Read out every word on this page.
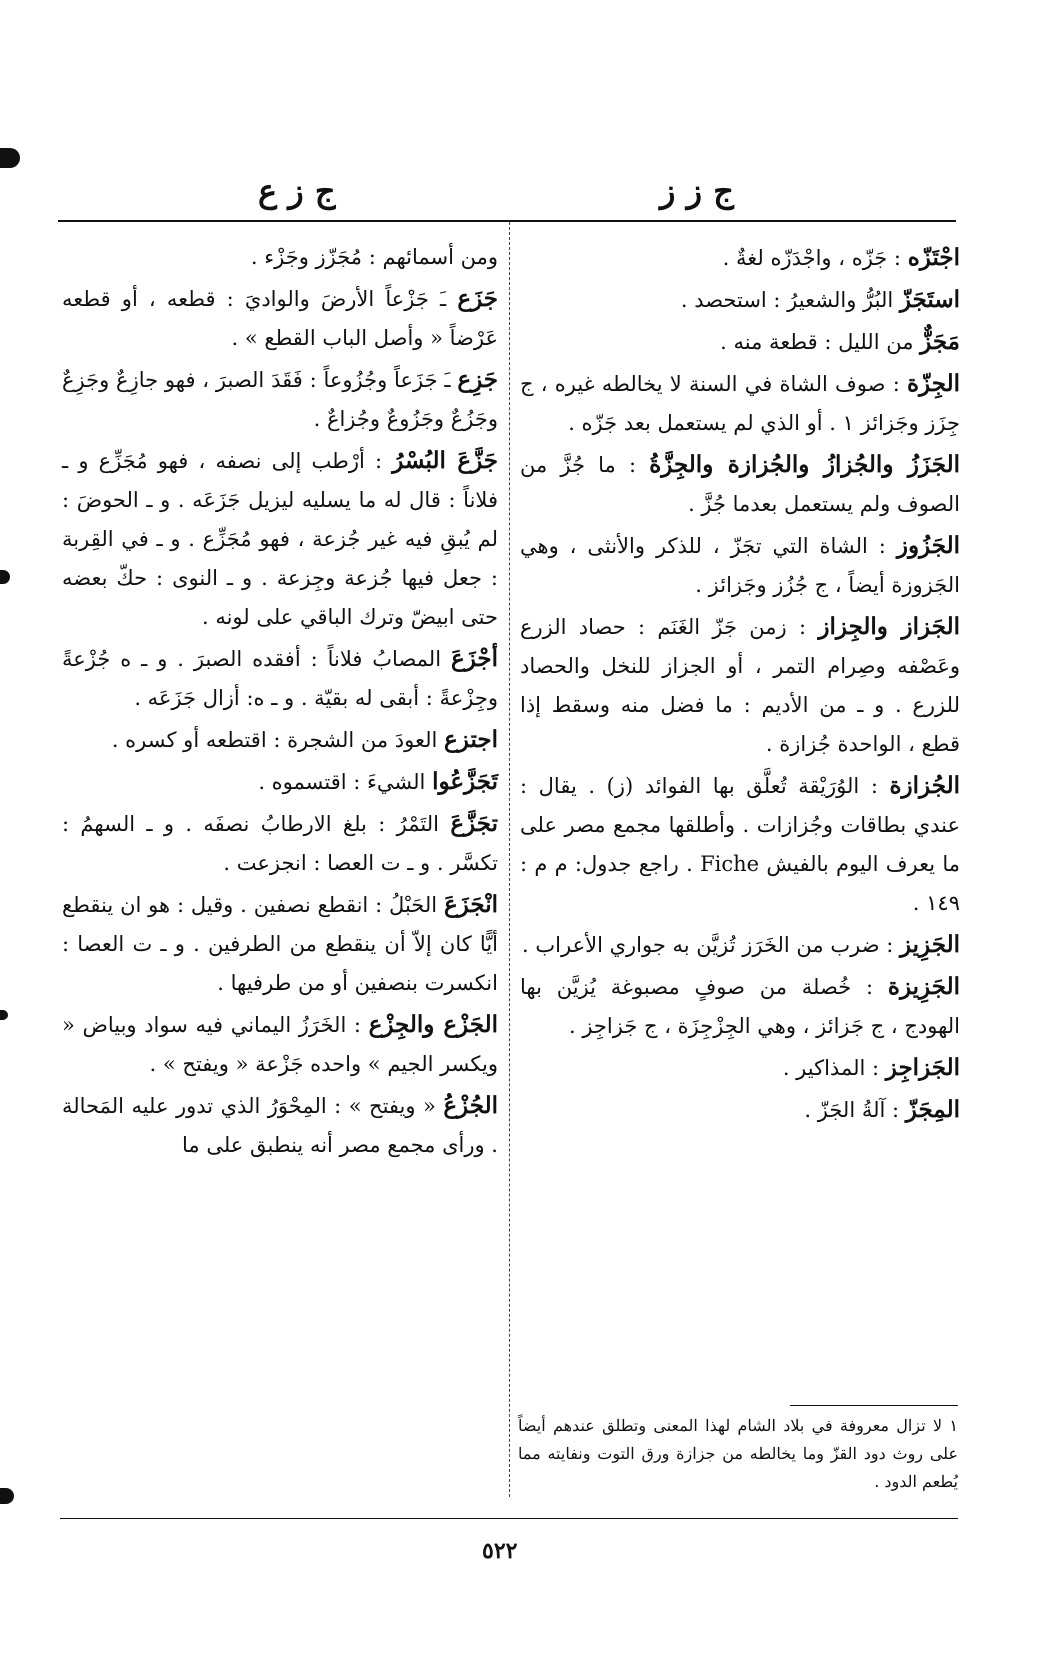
ج ز ز
ج ز ع

اجْتَزّه : جَزّه ، واجْدَزّه لغةٌ .

استَجَزّ البُرُّ والشعيرُ : استحصد .

مَجَزٌّ من الليل : قطعة منه .

الجِزّة : صوف الشاة في السنة لا يخالطه غيره ، ج جِزَز وجَزائز ١ . أو الذي لم يستعمل بعد جَزّه .

الجَزَزُ والجُزازُ والجُزازة والجِزَّةُ : ما جُزَّ من الصوف ولم يستعمل بعدما جُزَّ .

الجَزُوز : الشاة التي تجَزّ ، للذكر والأنثى ، وهي الجَزوزة أيضاً ، ج جُزُز وجَزائز .

الجَزاز والجِزاز : زمن جَزّ الغَنَم : حصاد الزرع وعَصْفه وصِرام التمر ، أو الجزاز للنخل والحصاد للزرع . و ـ من الأديم : ما فضل منه وسقط إذا قطع ، الواحدة جُزازة .

الجُزازة : الوُرَيْقة تُعلَّق بها الفوائد (ز) . يقال : عندي بطاقات وجُزازات . وأطلقها مجمع مصر على ما يعرف اليوم بالفيش Fiche . راجع جدول: م م : ١٤٩ .

الجَزِيز : ضرب من الخَرَز تُزيَّن به جواري الأعراب .

الجَزِيزة : خُصلة من صوفٍ مصبوغة يُزيَّن بها الهودج ، ج جَزائز ، وهي الجِزْجِزَة ، ج جَزاجِز .

الجَزاجِز : المذاكير .

المِجَزّ : آلةُ الجَزّ .

ومن أسمائهم : مُجَزّز وجَزْء .

جَزَع ـَ جَزْعاً الأرضَ والواديَ : قطعه ، أو قطعه عَرْضاً « وأصل الباب القطع » .

جَزِع ـَ جَزَعاً وجُزُوعاً : فَقَدَ الصبرَ ، فهو جازِعٌ وجَزِعٌ وجَزُعٌ وجَزُوعٌ وجُزاعٌ .

جَزَّعَ البُسْرُ : أرْطب إلى نصفه ، فهو مُجَزِّع و ـ فلاناً : قال له ما يسليه ليزيل جَزَعَه . و ـ الحوضَ : لم يُبقِ فيه غير جُزعة ، فهو مُجَزِّع . و ـ في القِربة : جعل فيها جُزعة وجِزعة . و ـ النوى : حكّ بعضه حتى ابيضّ وترك الباقي على لونه .

أجْزَعَ المصابُ فلاناً : أفقده الصبرَ . و ـ ه جُزْعةً وجِزْعةً : أبقى له بقيّة . و ـ ه: أزال جَزَعَه .

اجتزع العودَ من الشجرة : اقتطعه أو كسره .

تَجَزَّعُوا الشيءَ : اقتسموه .

تجَزَّعَ التَمْرُ : بلغ الارطابُ نصفَه . و ـ السهمُ : تكسَّر . و ـ ت العصا : انجزعت .

انْجَزَعَ الحَبْلُ : انقطع نصفين . وقيل : هو ان ينقطع أيًّا كان إلاّ أن ينقطع من الطرفين . و ـ ت العصا : انكسرت بنصفين أو من طرفيها .

الجَزْع والجِزْع : الخَرَزُ اليماني فيه سواد وبياض « ويكسر الجيم » واحده جَزْعة « ويفتح » .

الجُزْعُ « ويفتح » : المِحْوَرُ الذي تدور عليه المَحالة . ورأى مجمع مصر أنه ينطبق على ما

١ لا تزال معروفة في بلاد الشام لهذا المعنى وتطلق عندهم أيضاً على روث دود القزّ وما يخالطه من جزازة ورق التوت ونفايته مما يُطعم الدود .
٥٢٢
